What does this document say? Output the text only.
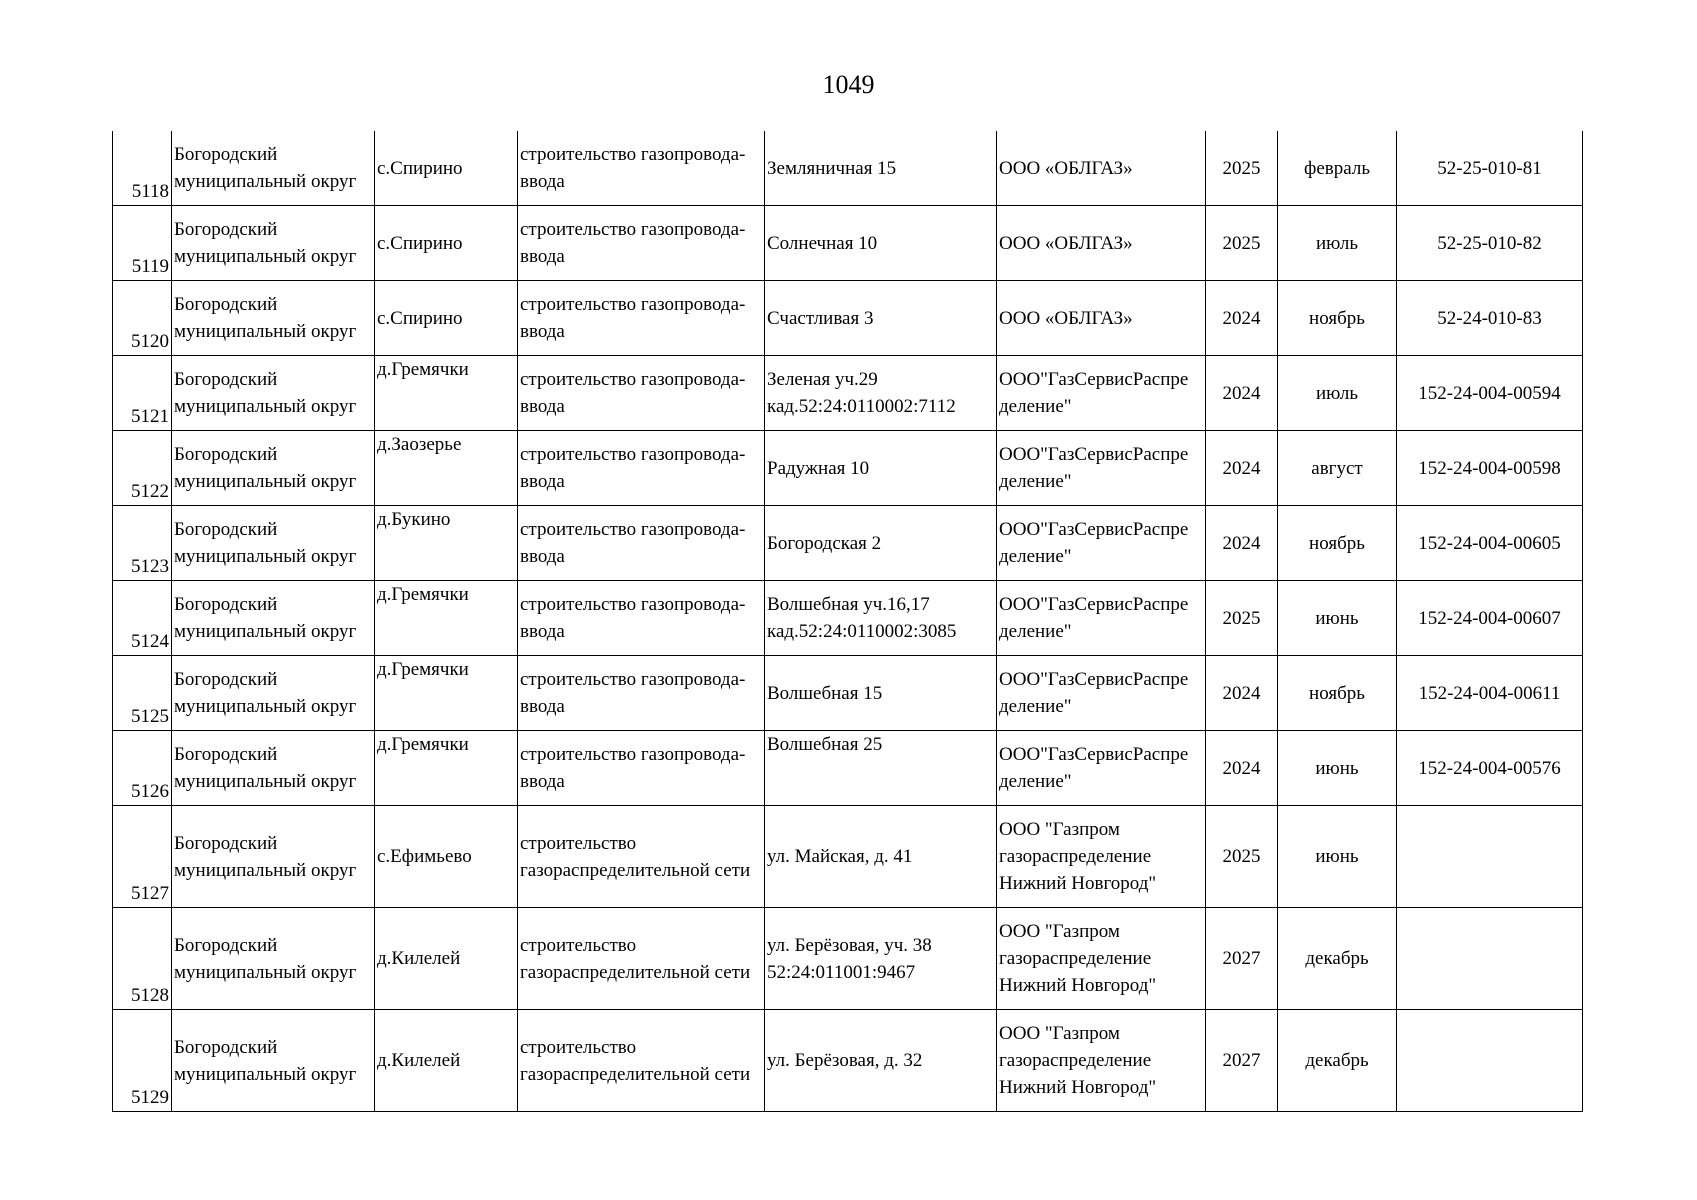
1049
5118	Богородский муниципальный округ	с.Спирино	строительство газопровода-ввода	Земляничная 15	ООО «ОБЛГАЗ»	2025	февраль	52-25-010-81
5119	Богородский муниципальный округ	с.Спирино	строительство газопровода-ввода	Солнечная 10	ООО «ОБЛГАЗ»	2025	июль	52-25-010-82
5120	Богородский муниципальный округ	с.Спирино	строительство газопровода-ввода	Счастливая 3	ООО «ОБЛГАЗ»	2024	ноябрь	52-24-010-83
5121	Богородский муниципальный округ	д.Гремячки	строительство газопровода-ввода	Зеленая уч.29 кад.52:24:0110002:7112	ООО"ГазСервисРаспре деление"	2024	июль	152-24-004-00594
5122	Богородский муниципальный округ	д.Заозерье	строительство газопровода-ввода	Радужная 10	ООО"ГазСервисРаспре деление"	2024	август	152-24-004-00598
5123	Богородский муниципальный округ	д.Букино	строительство газопровода-ввода	Богородская 2	ООО"ГазСервисРаспре деление"	2024	ноябрь	152-24-004-00605
5124	Богородский муниципальный округ	д.Гремячки	строительство газопровода-ввода	Волшебная уч.16,17 кад.52:24:0110002:3085	ООО"ГазСервисРаспре деление"	2025	июнь	152-24-004-00607
5125	Богородский муниципальный округ	д.Гремячки	строительство газопровода-ввода	Волшебная 15	ООО"ГазСервисРаспре деление"	2024	ноябрь	152-24-004-00611
5126	Богородский муниципальный округ	д.Гремячки	строительство газопровода-ввода	Волшебная 25	ООО"ГазСервисРаспре деление"	2024	июнь	152-24-004-00576
5127	Богородский муниципальный округ	с.Ефимьево	строительство газораспределительной сети	ул. Майская, д. 41	ООО "Газпром газораспределение Нижний Новгород"	2025	июнь	
5128	Богородский муниципальный округ	д.Килелей	строительство газораспределительной сети	ул. Берёзовая, уч. 38 52:24:011001:9467	ООО "Газпром газораспределение Нижний Новгород"	2027	декабрь	
5129	Богородский муниципальный округ	д.Килелей	строительство газораспределительной сети	ул. Берёзовая, д. 32	ООО "Газпром газораспределение Нижний Новгород"	2027	декабрь	
